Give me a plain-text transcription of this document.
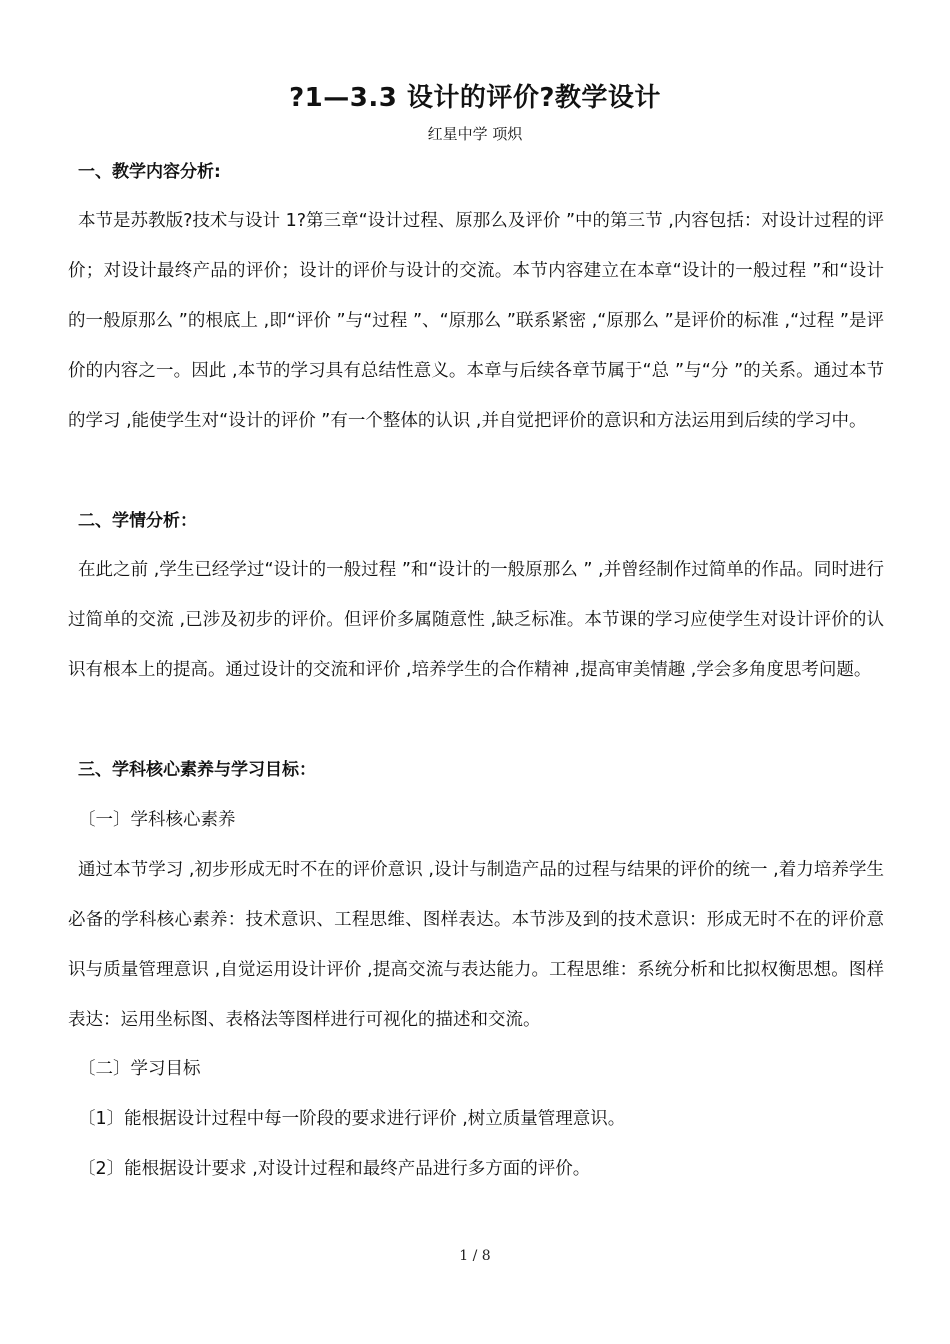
?1—3.3 设计的评价?教学设计
红星中学 项炽
一、教学内容分析:

本节是苏教版?技术与设计 1?第三章“设计过程、原那么及评价 ”中的第三节 ,内容包括：对设计过程的评价；对设计最终产品的评价；设计的评价与设计的交流。本节内容建立在本章“设计的一般过程 ”和“设计的一般原那么 ”的根底上 ,即“评价 ”与“过程 ”、“原那么 ”联系紧密 ,“原那么 ”是评价的标准 ,“过程 ”是评价的内容之一。因此 ,本节的学习具有总结性意义。本章与后续各章节属于“总 ”与“分 ”的关系。通过本节的学习 ,能使学生对“设计的评价 ”有一个整体的认识 ,并自觉把评价的意识和方法运用到后续的学习中。

二、学情分析：

在此之前 ,学生已经学过“设计的一般过程 ”和“设计的一般原那么 ” ,并曾经制作过简单的作品。同时进行过简单的交流 ,已涉及初步的评价。但评价多属随意性 ,缺乏标准。本节课的学习应使学生对设计评价的认识有根本上的提高。通过设计的交流和评价 ,培养学生的合作精神 ,提高审美情趣 ,学会多角度思考问题。

三、学科核心素养与学习目标：
〔一〕学科核心素养

通过本节学习 ,初步形成无时不在的评价意识 ,设计与制造产品的过程与结果的评价的统一 ,着力培养学生必备的学科核心素养：技术意识、工程思维、图样表达。本节涉及到的技术意识：形成无时不在的评价意识与质量管理意识 ,自觉运用设计评价 ,提高交流与表达能力。工程思维：系统分析和比拟权衡思想。图样表达：运用坐标图、表格法等图样进行可视化的描述和交流。

〔二〕学习目标
〔1〕能根据设计过程中每一阶段的要求进行评价 ,树立质量管理意识。
〔2〕能根据设计要求 ,对设计过程和最终产品进行多方面的评价。
1 / 8
